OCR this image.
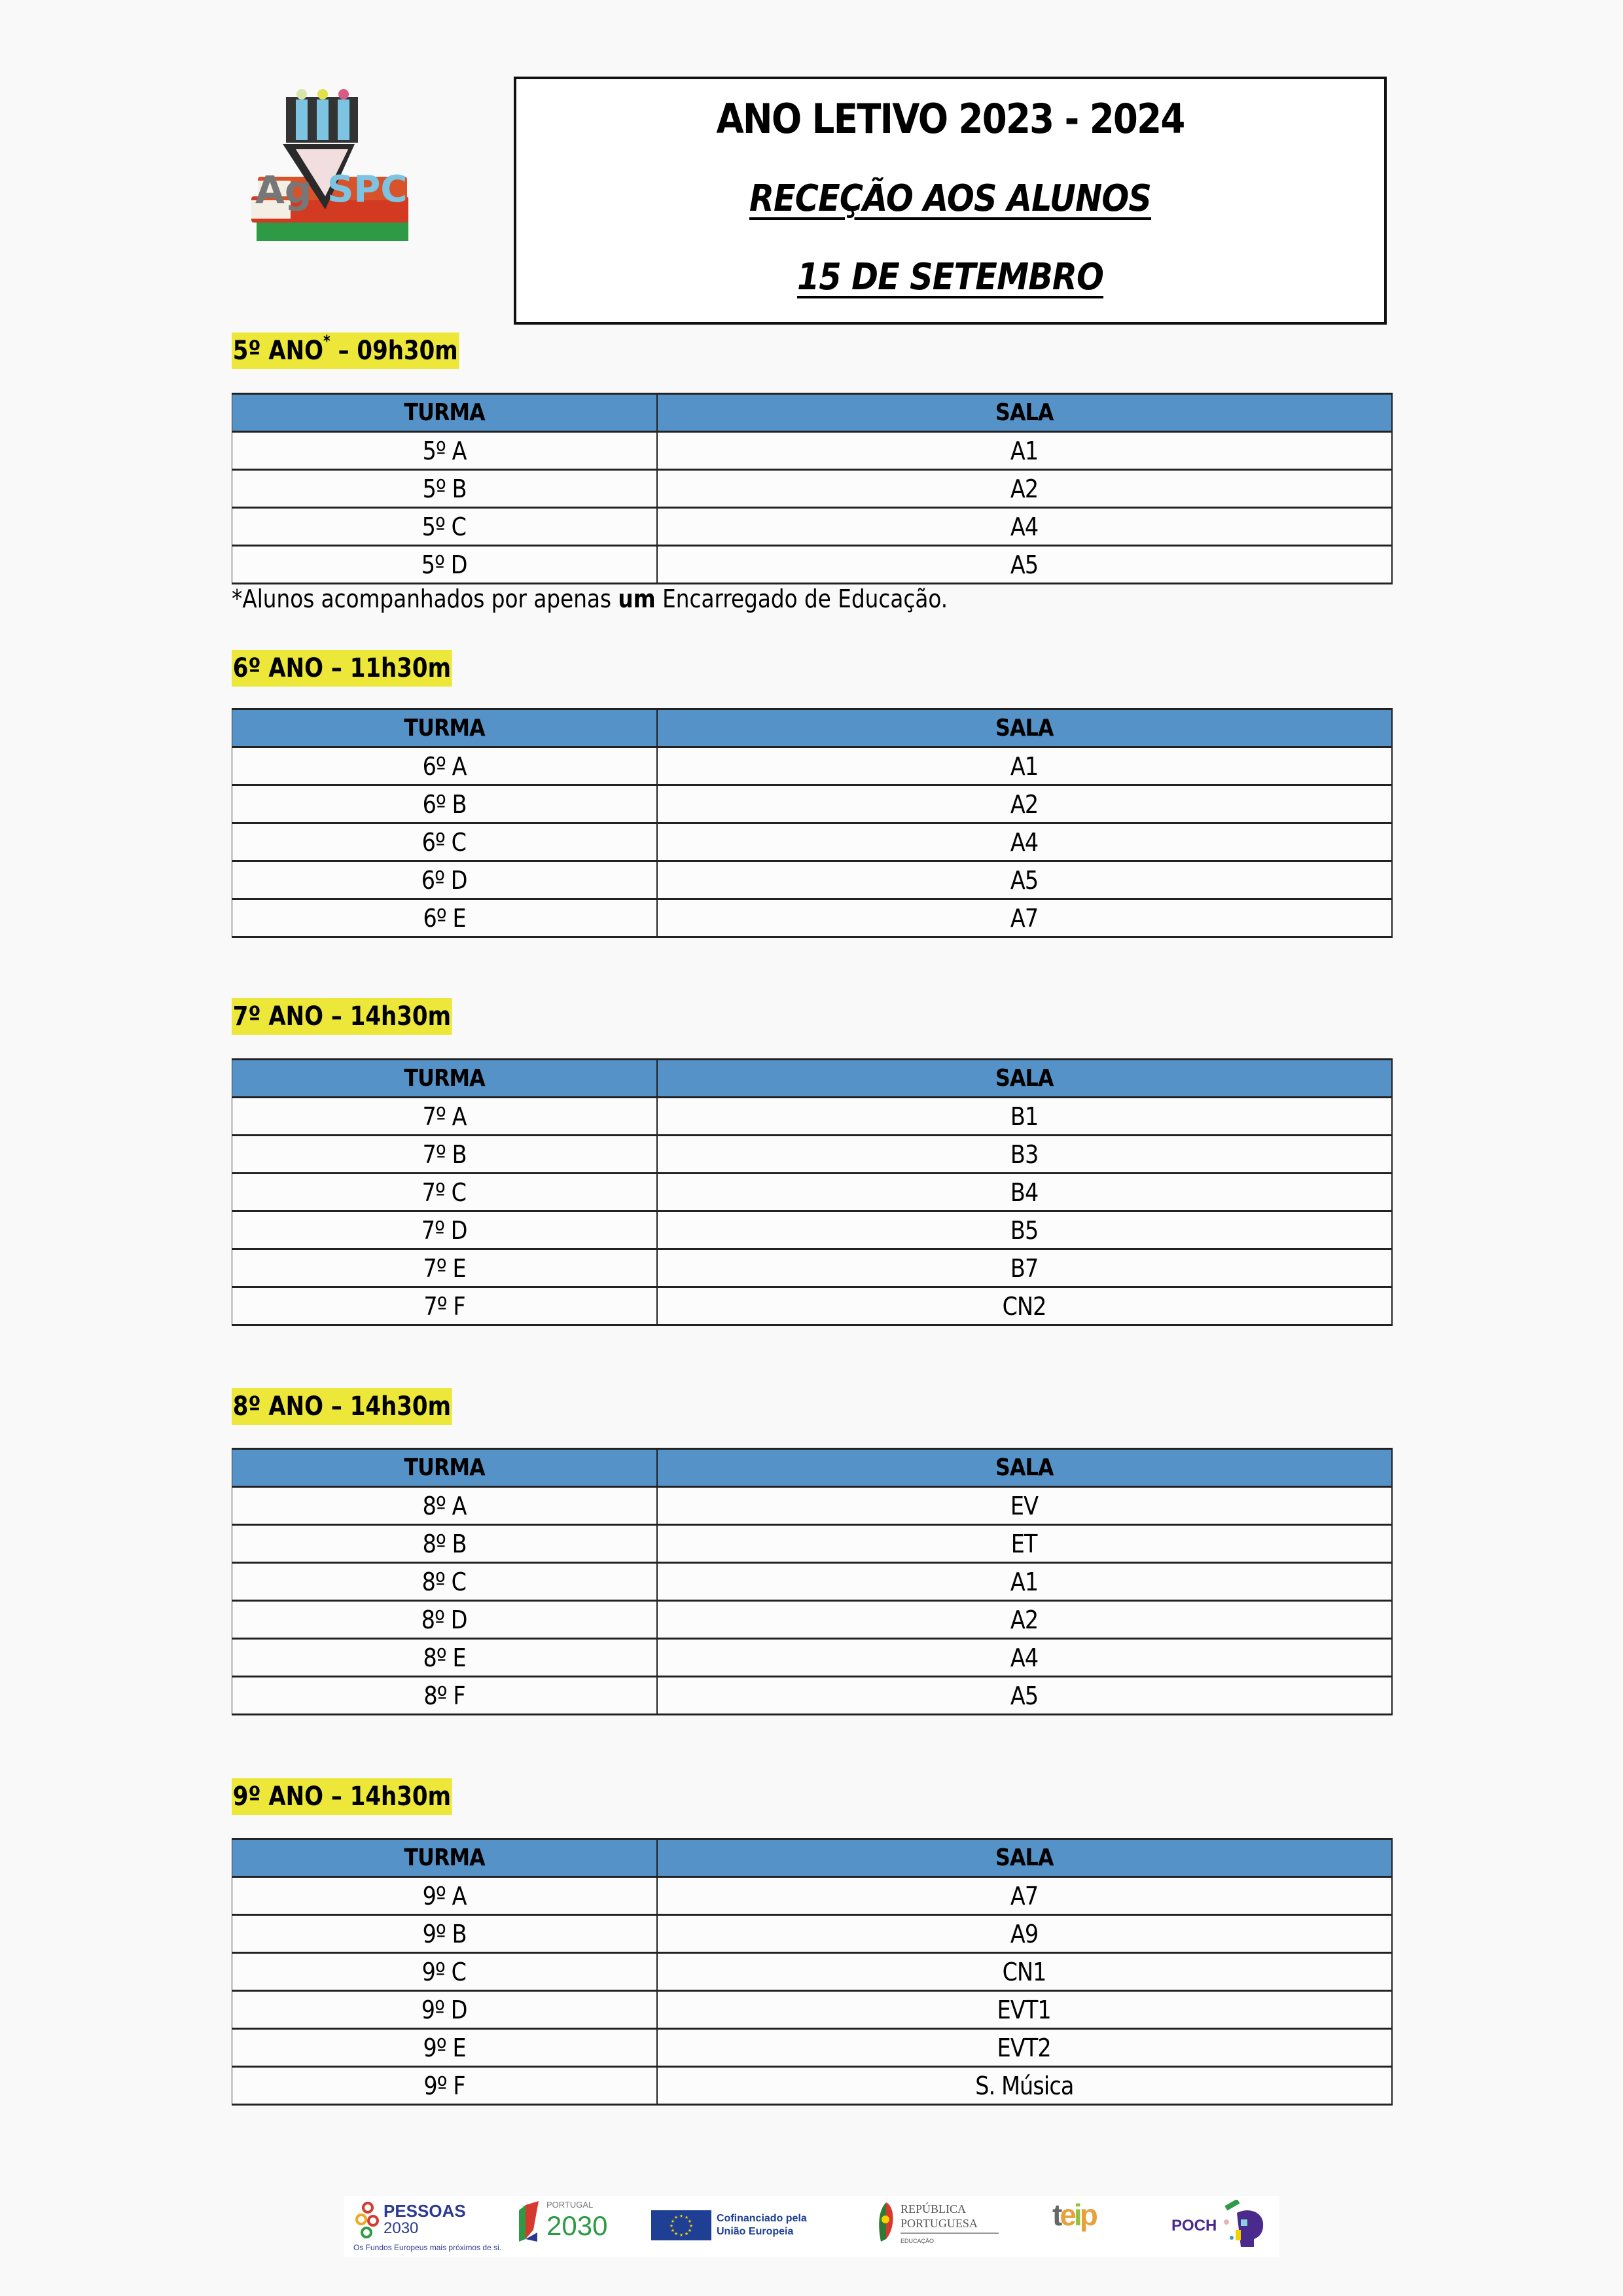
Ag SPC
ANO LETIVO 2023 - 2024
RECEÇÃO AOS ALUNOS
15 DE SETEMBRO
5º ANO* – 09h30m
TURMA	SALA
5º A	A1
5º B	A2
5º C	A4
5º D	A5
*Alunos acompanhados por apenas um Encarregado de Educação.
6º ANO – 11h30m
TURMA	SALA
6º A	A1
6º B	A2
6º C	A4
6º D	A5
6º E	A7
7º ANO – 14h30m
TURMA	SALA
7º A	B1
7º B	B3
7º C	B4
7º D	B5
7º E	B7
7º F	CN2
8º ANO – 14h30m
TURMA	SALA
8º A	EV
8º B	ET
8º C	A1
8º D	A2
8º E	A4
8º F	A5
9º ANO – 14h30m
TURMA	SALA
9º A	A7
9º B	A9
9º C	CN1
9º D	EVT1
9º E	EVT2
9º F	S. Música
PESSOAS
2030
Os Fundos Europeus mais próximos de si.
PORTUGAL
2030	★ ★
★
★
★
★
★
★
★
★
★
★	Cofinanciado pela
União Europeia
REPÚBLICA
PORTUGUESA
EDUCAÇÃO
teip	POCH
